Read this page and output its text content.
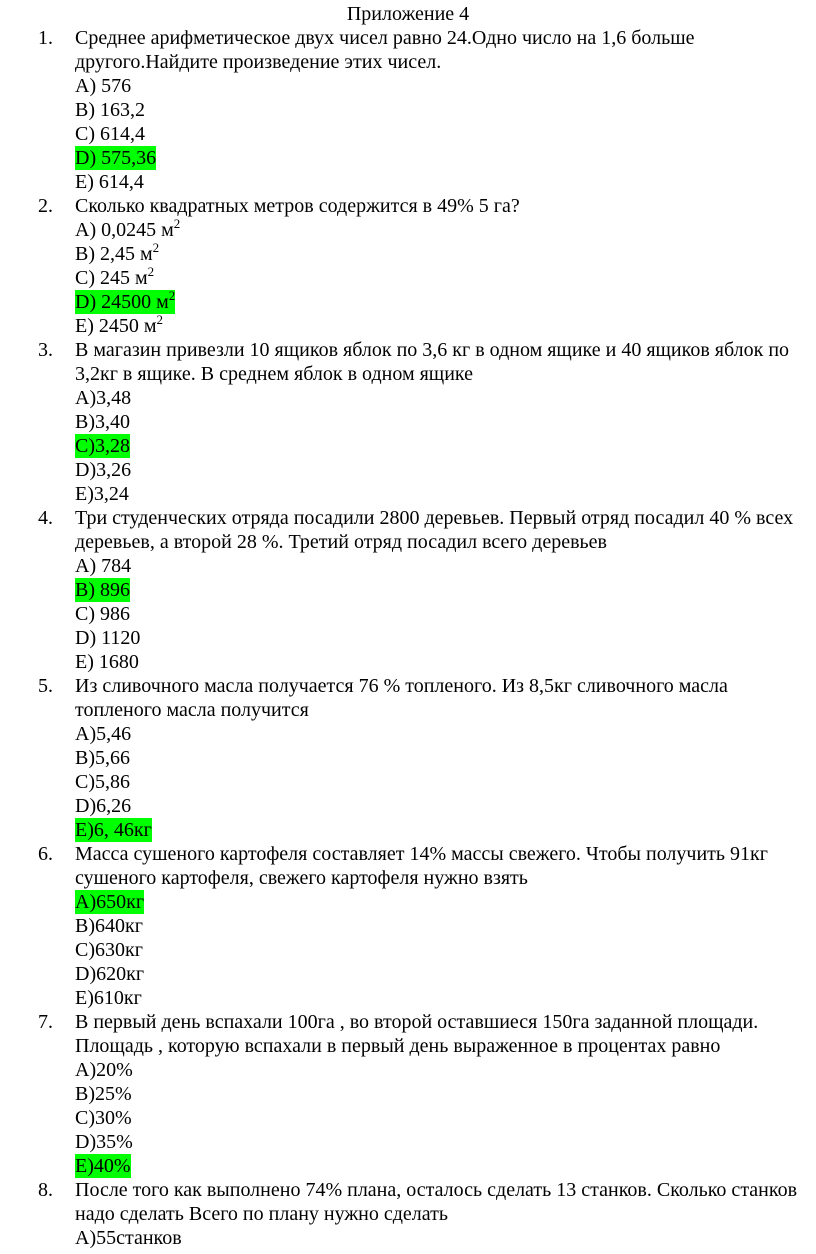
Приложение 4
1. Среднее арифметическое двух чисел равно 24.Одно число на 1,6 больше другого.Найдите произведение этих чисел.
А) 576
В) 163,2
С) 614,4
D) 575,36
Е) 614,4
2. Сколько квадратных метров содержится в 49% 5 га?
А) 0,0245 $м^2$
В) 2,45 $м^2$
С) 245 $м^2$
D) 24500 $м^2$
Е) 2450 $м^2$
3. В магазин привезли 10 ящиков яблок по 3,6 кг в одном ящике и 40 ящиков яблок по 3,2кг в ящике. В среднем яблок в одном ящике
А)3,48
В)3,40
С)3,28
D)3,26
Е)3,24
4. Три студенческих отряда посадили 2800 деревьев. Первый отряд посадил 40 % всех деревьев, а второй 28 %. Третий отряд посадил всего деревьев
А) 784
В) 896
С) 986
D) 1120
Е) 1680
5. Из сливочного масла получается 76 % топленого. Из 8,5кг сливочного масла топленого масла получится
А)5,46
В)5,66
С)5,86
D)6,26
Е)6, 46кг
6. Масса сушеного картофеля составляет 14% массы свежего. Чтобы получить 91кг сушеного картофеля, свежего картофеля нужно взять
А)650кг
В)640кг
С)630кг
D)620кг
Е)610кг
7. В первый день вспахали 100га , во второй оставшиеся 150га заданной площади. Площадь , которую вспахали в первый день выраженное в процентах равно
А)20%
В)25%
С)30%
D)35%
Е)40%
8. После того как выполнено 74% плана, осталось сделать 13 станков. Сколько станков надо сделать Всего по плану нужно сделать
А)55станков
